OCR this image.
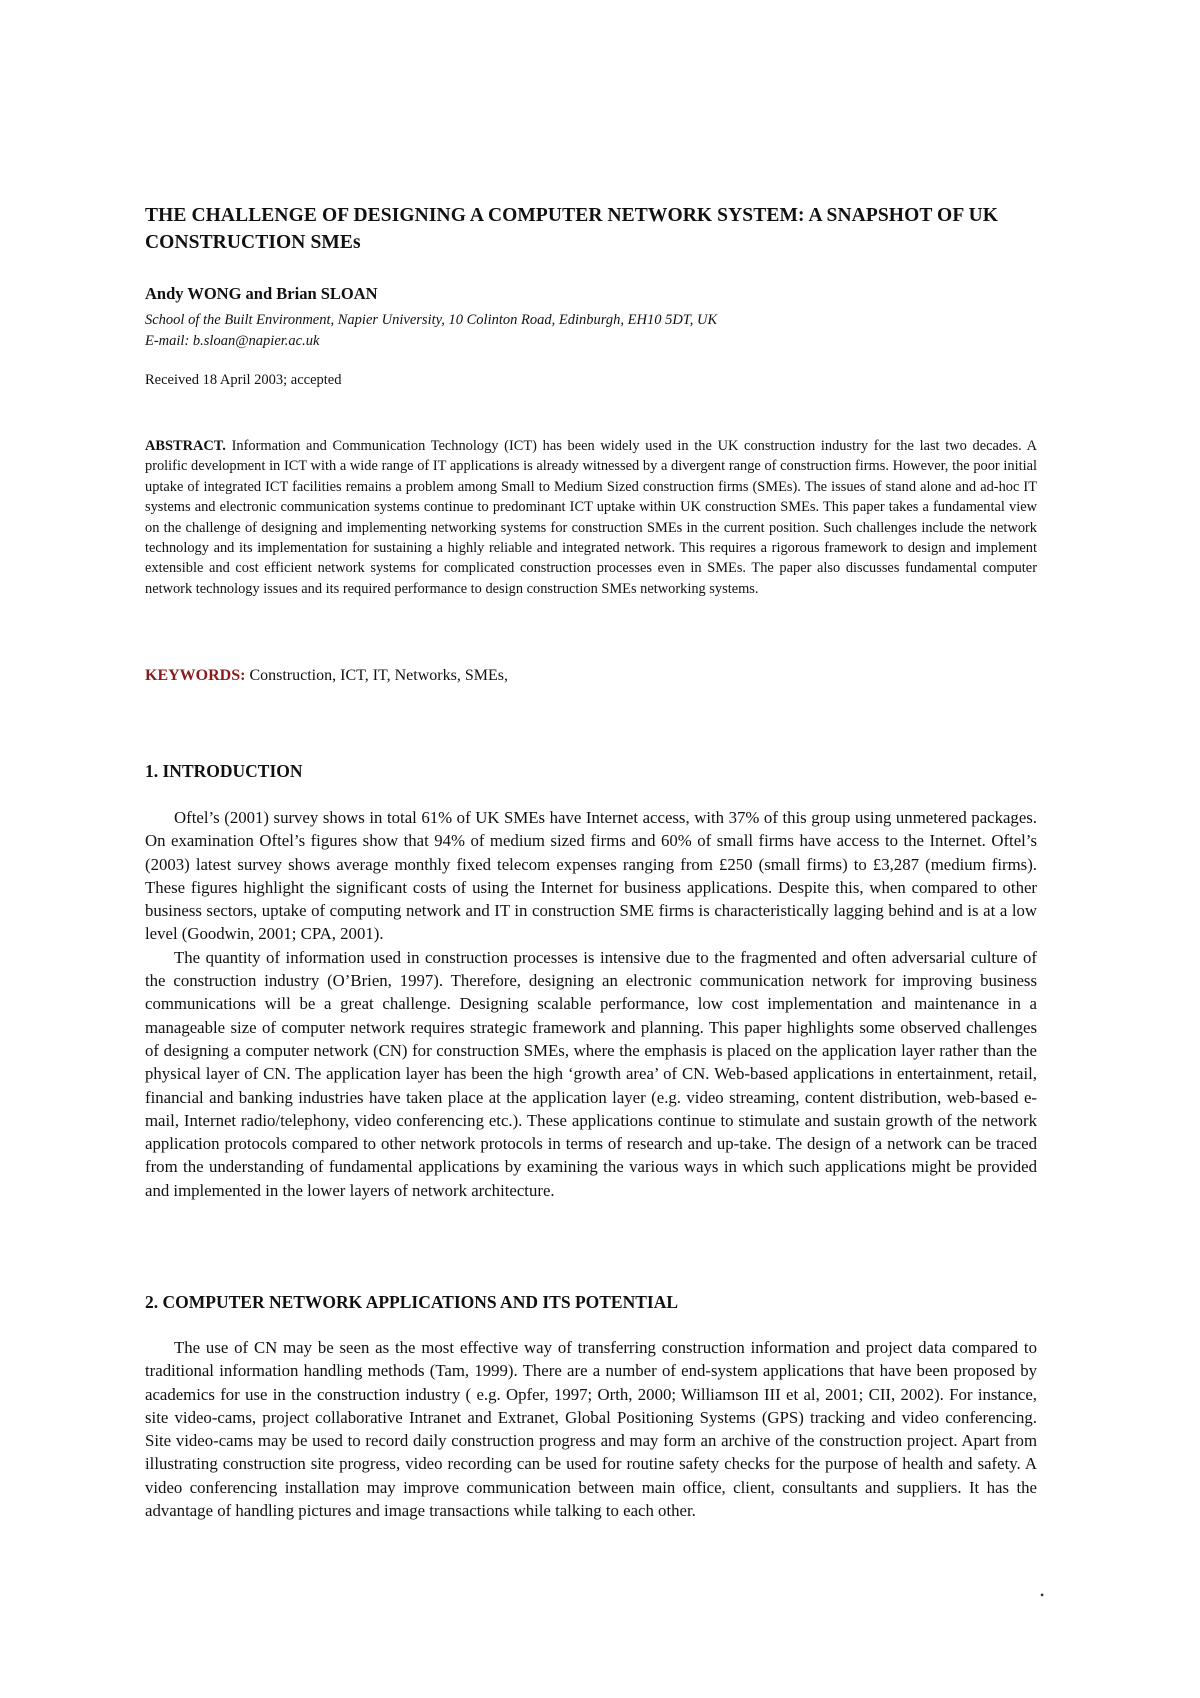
THE CHALLENGE OF DESIGNING A COMPUTER NETWORK SYSTEM: A SNAPSHOT OF UK CONSTRUCTION SMEs

Andy WONG and Brian SLOAN

School of the Built Environment, Napier University, 10 Colinton Road, Edinburgh, EH10 5DT, UK
E-mail: b.sloan@napier.ac.uk

Received 18 April 2003; accepted

ABSTRACT. Information and Communication Technology (ICT) has been widely used in the UK construction industry for the last two decades. A prolific development in ICT with a wide range of IT applications is already witnessed by a divergent range of construction firms. However, the poor initial uptake of integrated ICT facilities remains a problem among Small to Medium Sized construction firms (SMEs). The issues of stand alone and ad-hoc IT systems and electronic communication systems continue to predominant ICT uptake within UK construction SMEs. This paper takes a fundamental view on the challenge of designing and implementing networking systems for construction SMEs in the current position. Such challenges include the network technology and its implementation for sustaining a highly reliable and integrated network. This requires a rigorous framework to design and implement extensible and cost efficient network systems for complicated construction processes even in SMEs. The paper also discusses fundamental computer network technology issues and its required performance to design construction SMEs networking systems.

KEYWORDS: Construction, ICT, IT, Networks, SMEs,

1. INTRODUCTION

Oftel’s (2001) survey shows in total 61% of UK SMEs have Internet access, with 37% of this group using unmetered packages. On examination Oftel’s figures show that 94% of medium sized firms and 60% of small firms have access to the Internet. Oftel’s (2003) latest survey shows average monthly fixed telecom expenses ranging from £250 (small firms) to £3,287 (medium firms). These figures highlight the significant costs of using the Internet for business applications. Despite this, when compared to other business sectors, uptake of computing network and IT in construction SME firms is characteristically lagging behind and is at a low level (Goodwin, 2001; CPA, 2001).

The quantity of information used in construction processes is intensive due to the fragmented and often adversarial culture of the construction industry (O’Brien, 1997). Therefore, designing an electronic communication network for improving business communications will be a great challenge. Designing scalable performance, low cost implementation and maintenance in a manageable size of computer network requires strategic framework and planning. This paper highlights some observed challenges of designing a computer network (CN) for construction SMEs, where the emphasis is placed on the application layer rather than the physical layer of CN. The application layer has been the high ‘growth area’ of CN. Web-based applications in entertainment, retail, financial and banking industries have taken place at the application layer (e.g. video streaming, content distribution, web-based e-mail, Internet radio/telephony, video conferencing etc.). These applications continue to stimulate and sustain growth of the network application protocols compared to other network protocols in terms of research and up-take. The design of a network can be traced from the understanding of fundamental applications by examining the various ways in which such applications might be provided and implemented in the lower layers of network architecture.

2. COMPUTER NETWORK APPLICATIONS AND ITS POTENTIAL

The use of CN may be seen as the most effective way of transferring construction information and project data compared to traditional information handling methods (Tam, 1999). There are a number of end-system applications that have been proposed by academics for use in the construction industry ( e.g. Opfer, 1997; Orth, 2000; Williamson III et al, 2001; CII, 2002). For instance, site video-cams, project collaborative Intranet and Extranet, Global Positioning Systems (GPS) tracking and video conferencing. Site video-cams may be used to record daily construction progress and may form an archive of the construction project. Apart from illustrating construction site progress, video recording can be used for routine safety checks for the purpose of health and safety. A video conferencing installation may improve communication between main office, client, consultants and suppliers. It has the advantage of handling pictures and image transactions while talking to each other.

•
